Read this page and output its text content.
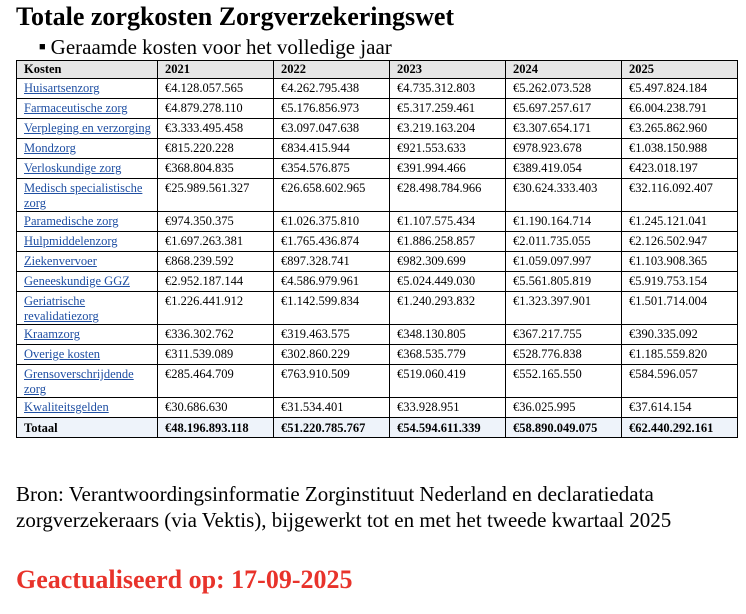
Totale zorgkosten Zorgverzekeringswet
■ Geraamde kosten voor het volledige jaar
Kosten	2021	2022	2023	2024	2025
Huisartsenzorg	€4.128.057.565	€4.262.795.438	€4.735.312.803	€5.262.073.528	€5.497.824.184
Farmaceutische zorg	€4.879.278.110	€5.176.856.973	€5.317.259.461	€5.697.257.617	€6.004.238.791
Verpleging en verzorging	€3.333.495.458	€3.097.047.638	€3.219.163.204	€3.307.654.171	€3.265.862.960
Mondzorg	€815.220.228	€834.415.944	€921.553.633	€978.923.678	€1.038.150.988
Verloskundige zorg	€368.804.835	€354.576.875	€391.994.466	€389.419.054	€423.018.197
Medisch specialistische zorg	€25.989.561.327	€26.658.602.965	€28.498.784.966	€30.624.333.403	€32.116.092.407
Paramedische zorg	€974.350.375	€1.026.375.810	€1.107.575.434	€1.190.164.714	€1.245.121.041
Hulpmiddelenzorg	€1.697.263.381	€1.765.436.874	€1.886.258.857	€2.011.735.055	€2.126.502.947
Ziekenvervoer	€868.239.592	€897.328.741	€982.309.699	€1.059.097.997	€1.103.908.365
Geneeskundige GGZ	€2.952.187.144	€4.586.979.961	€5.024.449.030	€5.561.805.819	€5.919.753.154
Geriatrische revalidatiezorg	€1.226.441.912	€1.142.599.834	€1.240.293.832	€1.323.397.901	€1.501.714.004
Kraamzorg	€336.302.762	€319.463.575	€348.130.805	€367.217.755	€390.335.092
Overige kosten	€311.539.089	€302.860.229	€368.535.779	€528.776.838	€1.185.559.820
Grensoverschrijdende zorg	€285.464.709	€763.910.509	€519.060.419	€552.165.550	€584.596.057
Kwaliteitsgelden	€30.686.630	€31.534.401	€33.928.951	€36.025.995	€37.614.154
Totaal	€48.196.893.118	€51.220.785.767	€54.594.611.339	€58.890.049.075	€62.440.292.161
Bron: Verantwoordingsinformatie Zorginstituut Nederland en declaratiedata zorgverzekeraars (via Vektis), bijgewerkt tot en met het tweede kwartaal 2025
Geactualiseerd op: 17-09-2025
